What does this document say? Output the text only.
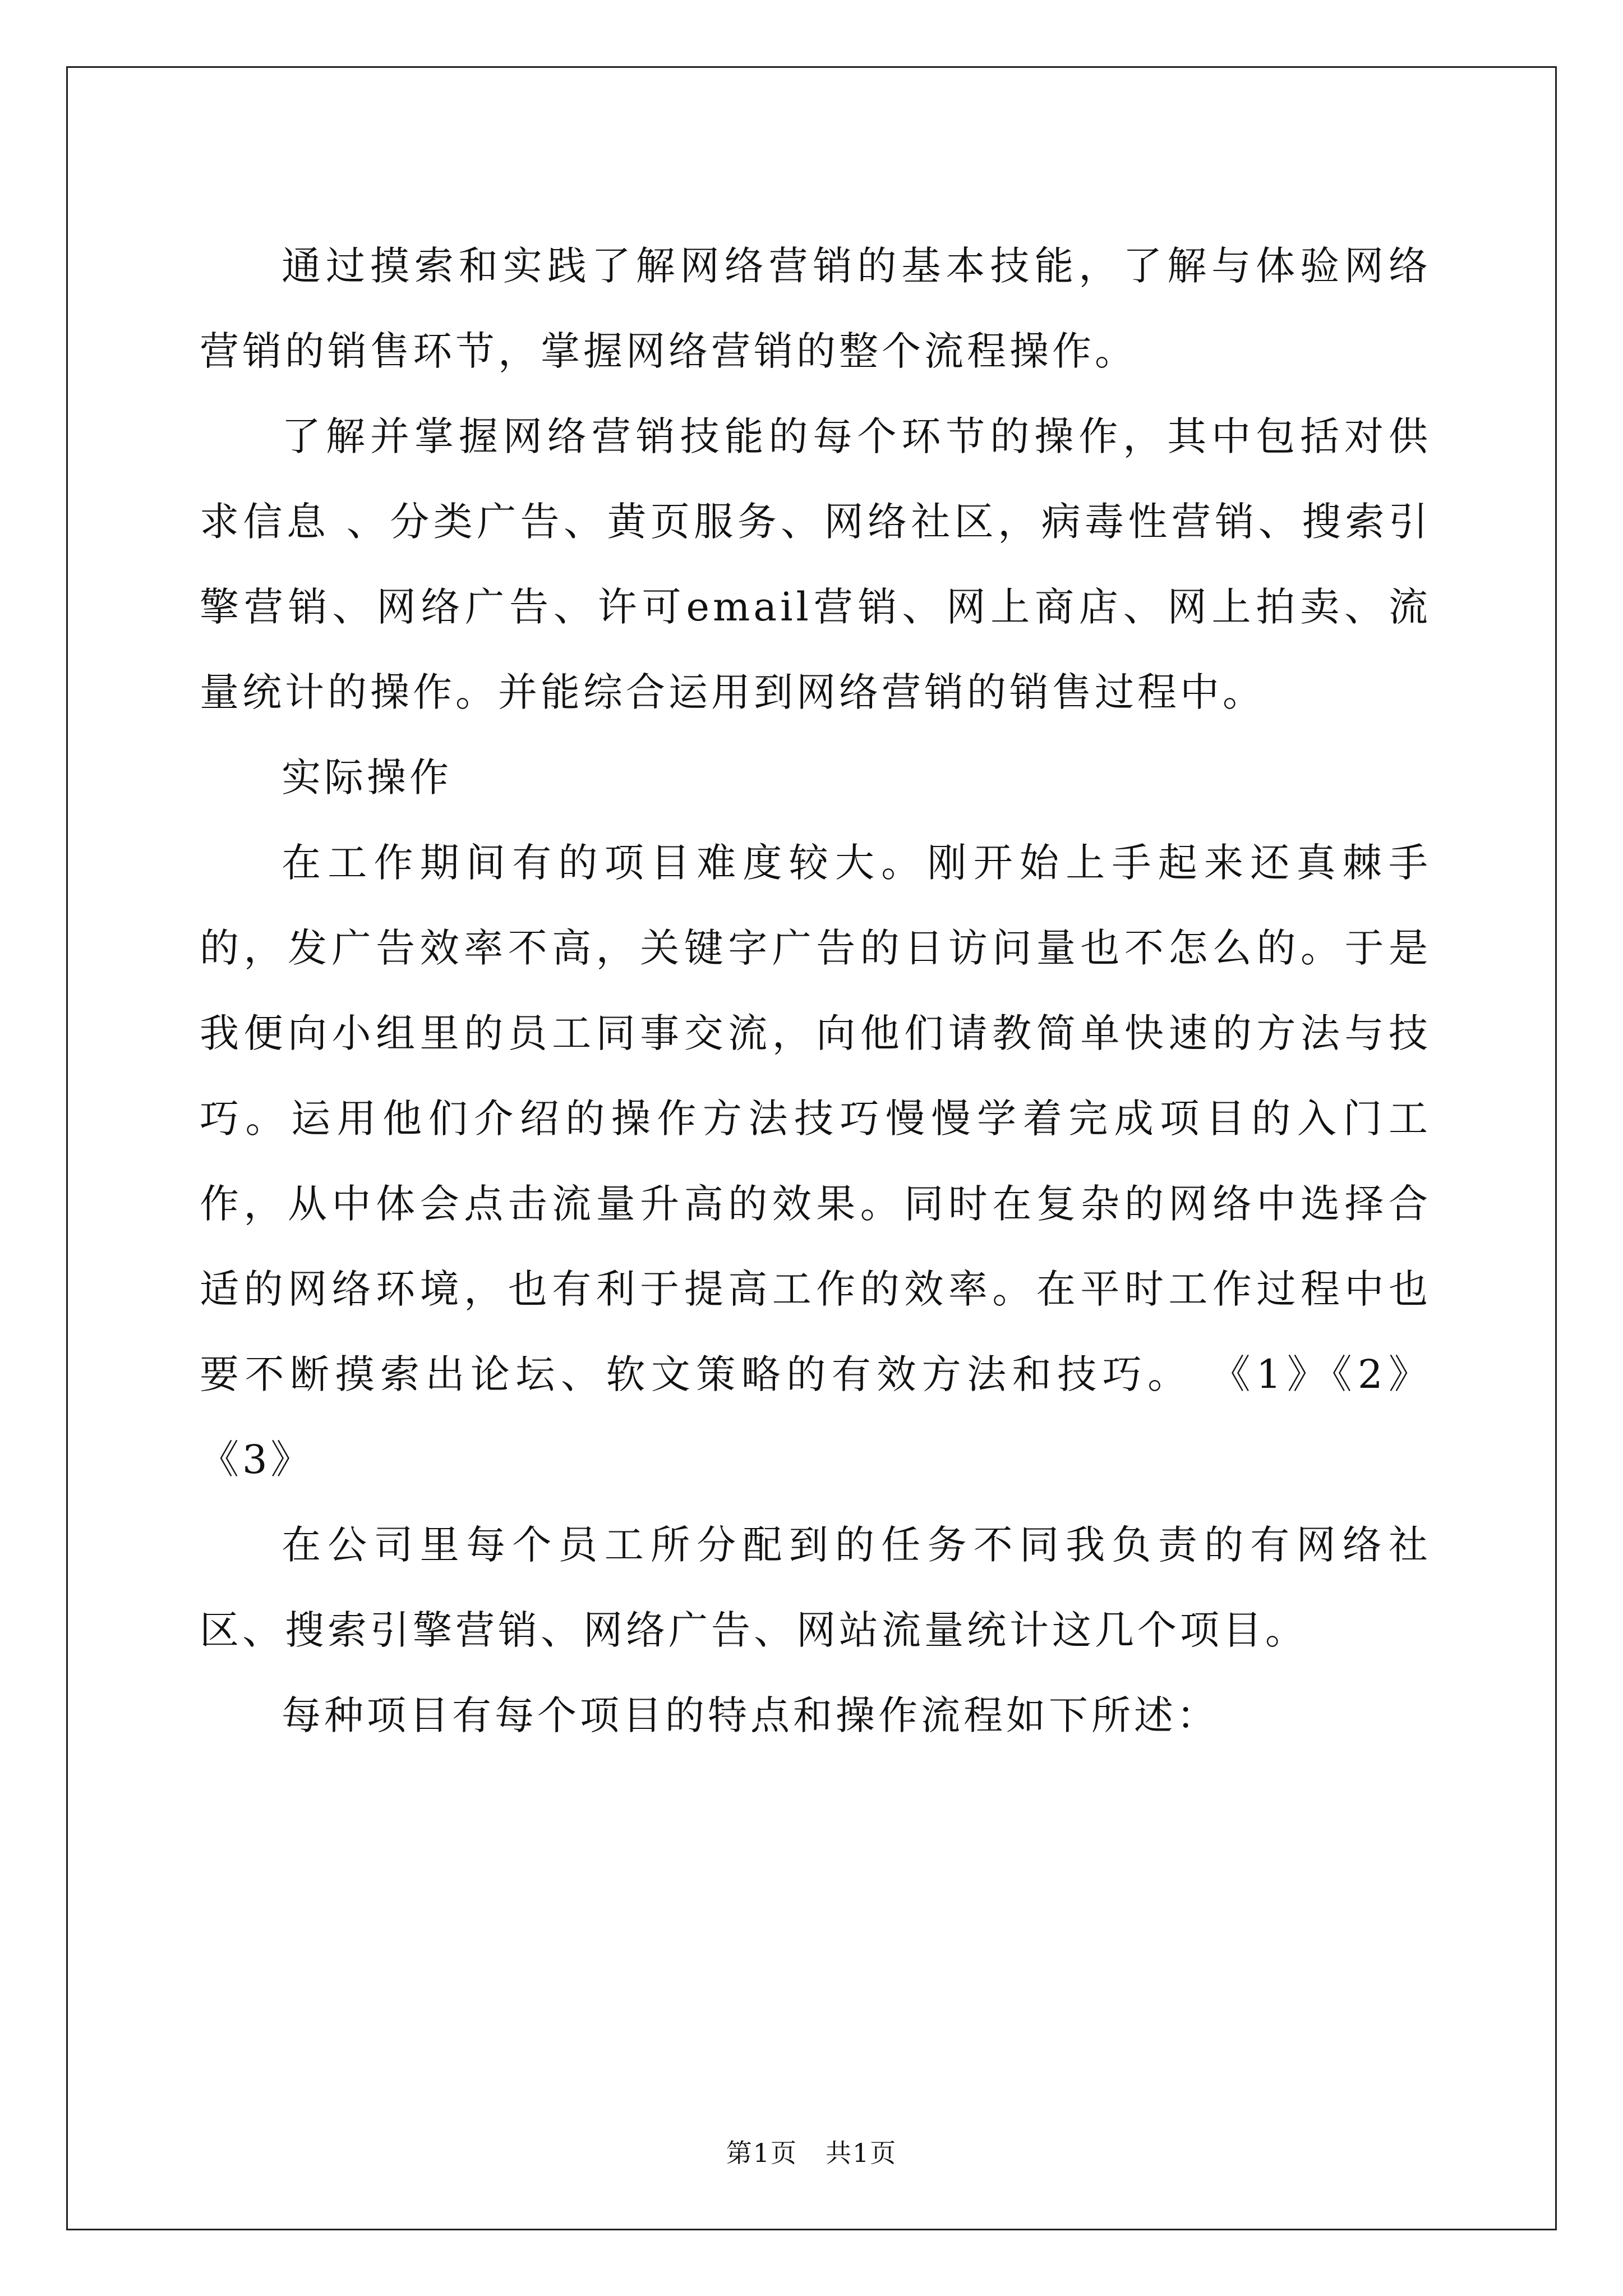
通过摸索和实践了解网络营销的基本技能，了解与体验网络营销的销售环节，掌握网络营销的整个流程操作。

了解并掌握网络营销技能的每个环节的操作，其中包括对供求信息 、分类广告、黄页服务、网络社区，病毒性营销、搜索引擎营销、网络广告、许可email营销、网上商店、网上拍卖、流量统计的操作。并能综合运用到网络营销的销售过程中。

实际操作

在工作期间有的项目难度较大。刚开始上手起来还真棘手的，发广告效率不高，关键字广告的日访问量也不怎么的。于是我便向小组里的员工同事交流，向他们请教简单快速的方法与技巧。运用他们介绍的操作方法技巧慢慢学着完成项目的入门工作，从中体会点击流量升高的效果。同时在复杂的网络中选择合适的网络环境，也有利于提高工作的效率。在平时工作过程中也要不断摸索出论坛、软文策略的有效方法和技巧。 《1》《2》《3》

在公司里每个员工所分配到的任务不同我负责的有网络社区、搜索引擎营销、网络广告、网站流量统计这几个项目。

每种项目有每个项目的特点和操作流程如下所述：

第1页 共1页
